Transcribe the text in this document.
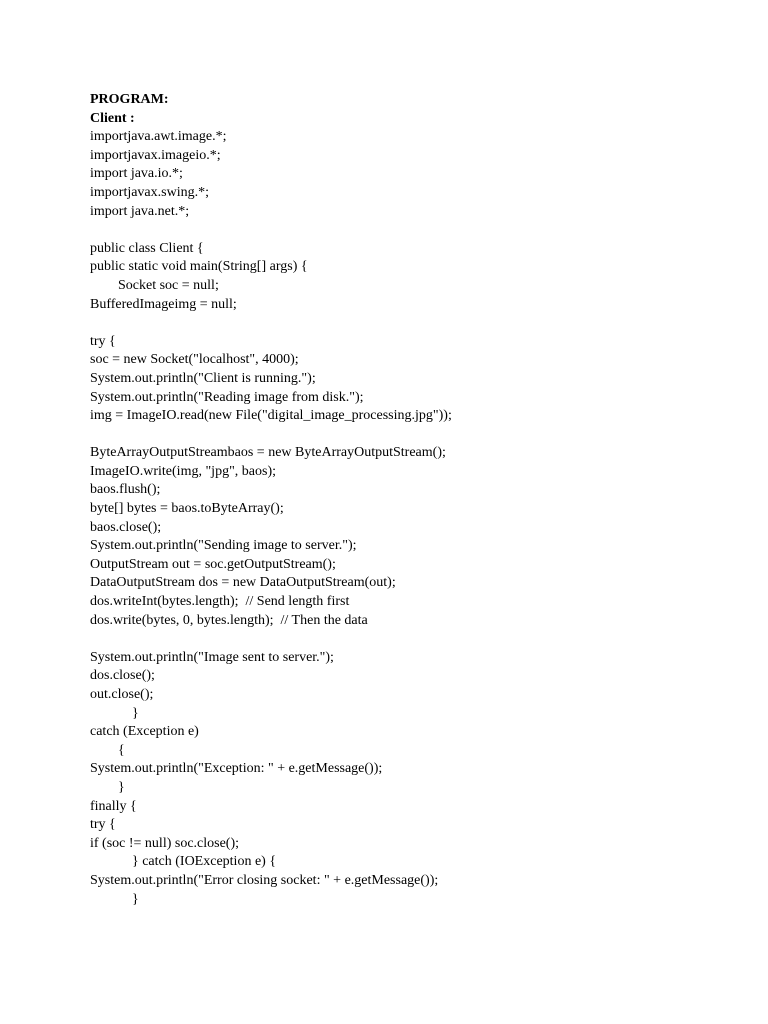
PROGRAM:
Client :
importjava.awt.image.*;
importjavax.imageio.*;
import java.io.*;
importjavax.swing.*;
import java.net.*;
public class Client {
public static void main(String[] args) {
Socket soc = null;
BufferedImageimg = null;
try {
soc = new Socket("localhost", 4000);
System.out.println("Client is running.");
System.out.println("Reading image from disk.");
img = ImageIO.read(new File("digital_image_processing.jpg"));
ByteArrayOutputStreambaos = new ByteArrayOutputStream();
ImageIO.write(img, "jpg", baos);
baos.flush();
byte[] bytes = baos.toByteArray();
baos.close();
System.out.println("Sending image to server.");
OutputStream out = soc.getOutputStream();
DataOutputStream dos = new DataOutputStream(out);
dos.writeInt(bytes.length);  // Send length first
dos.write(bytes, 0, bytes.length);  // Then the data
System.out.println("Image sent to server.");
dos.close();
out.close();
}
catch (Exception e)
{
System.out.println("Exception: " + e.getMessage());
}
finally {
try {
if (soc != null) soc.close();
} catch (IOException e) {
System.out.println("Error closing socket: " + e.getMessage());
}
